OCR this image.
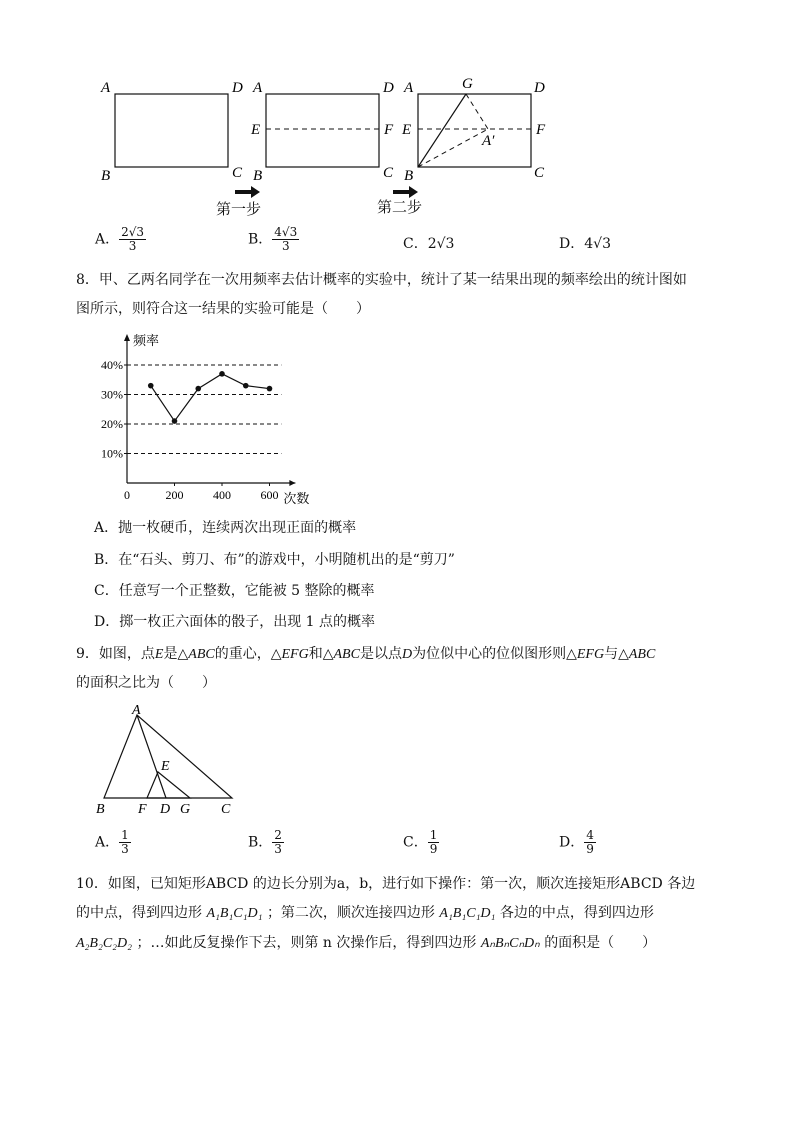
A	D
B	C
A	D
E	F
B	C
A	G	D
E	F
A′
B	C
第一步	第二步
A． $\frac{2√3}{3}$	B． $\frac{4√3}{3}$	C．2√3	D．4√3
8．甲、乙两名同学在一次用频率去估计概率的实验中，统计了某一结果出现的频率绘出的统计图如
图所示，则符合这一结果的实验可能是（　　）
10%
20%
30%
40%
0	200 400 600
频率
次数
A．抛一枚硬币，连续两次出现正面的概率
B．在“石头、剪刀、布”的游戏中，小明随机出的是“剪刀”
C．任意写一个正整数，它能被 5 整除的概率
D．掷一枚正六面体的骰子，出现 1 点的概率
9．如图，点E是△ABC的重心，△EFG和△ABC是以点D为位似中心的位似图形则△EFG与△ABC
的面积之比为（　　）
A
E
B F D G C
A． $\frac{1}{3}$	B． $\frac{2}{3}$	C． $\frac{1}{9}$	D． $\frac{4}{9}$
10．如图，已知矩形ABCD 的边长分别为a，b，进行如下操作：第一次，顺次连接矩形ABCD 各边
的中点，得到四边形 A₁B₁C₁D₁ ；第二次，顺次连接四边形 A₁B₁C₁D₁ 各边的中点，得到四边形
A₂B₂C₂D₂ ；…如此反复操作下去，则第 n 次操作后，得到四边形 AₙBₙCₙDₙ 的面积是（　　）
